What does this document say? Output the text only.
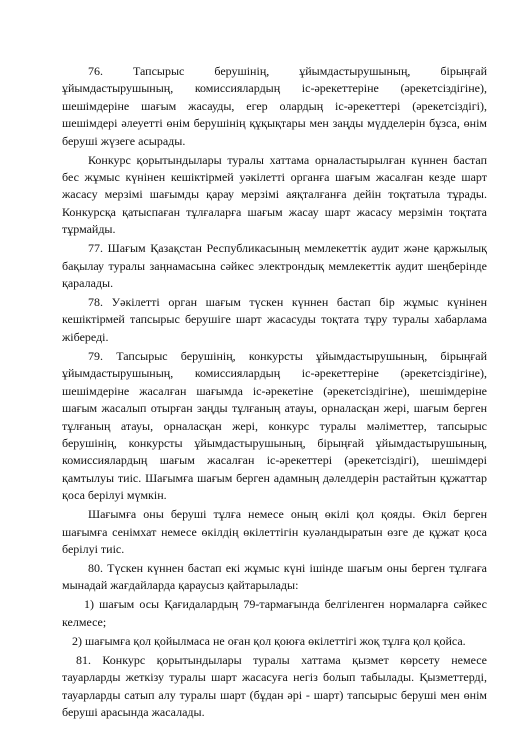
76. Тапсырыс берушінің, ұйымдастырушының, бірыңғай ұйымдастырушының, комиссиялардың іс-әрекеттеріне (әрекетсіздігіне), шешімдеріне шағым жасауды, егер олардың іс-әрекеттері (әрекетсіздігі), шешімдері әлеуетті өнім берушінің құқықтары мен заңды мүдделерін бұзса, өнім беруші жүзеге асырады.

Конкурс қорытындылары туралы хаттама орналастырылған күннен бастап бес жұмыс күнінен кешіктірмей уәкілетті органға шағым жасалған кезде шарт жасасу мерзімі шағымды қарау мерзімі аяқталғанға дейін тоқтатыла тұрады. Конкурсқа қатыспаған тұлғаларға шағым жасау шарт жасасу мерзімін тоқтата тұрмайды.

77. Шағым Қазақстан Республикасының мемлекеттік аудит және қаржылық бақылау туралы заңнамасына сәйкес электрондық мемлекеттік аудит шеңберінде қаралады.

78. Уәкілетті орган шағым түскен күннен бастап бір жұмыс күнінен кешіктірмей тапсырыс берушіге шарт жасасуды тоқтата тұру туралы хабарлама жібереді.

79. Тапсырыс берушінің, конкурсты ұйымдастырушының, бірыңғай ұйымдастырушының, комиссиялардың іс-әрекеттеріне (әрекетсіздігіне), шешімдеріне жасалған шағымда іс-әрекетіне (әрекетсіздігіне), шешімдеріне шағым жасалып отырған заңды тұлғаның атауы, орналасқан жері, шағым берген тұлғаның атауы, орналасқан жері, конкурс туралы мәліметтер, тапсырыс берушінің, конкурсты ұйымдастырушының, бірыңғай ұйымдастырушының, комиссиялардың шағым жасалған іс-әрекеттері (әрекетсіздігі), шешімдері қамтылуы тиіс. Шағымға шағым берген адамның дәлелдерін растайтын құжаттар қоса берілуі мүмкін.

Шағымға оны беруші тұлға немесе оның өкілі қол қояды. Өкіл берген шағымға сенімхат немесе өкілдің өкілеттігін куәландыратын өзге де құжат қоса берілуі тиіс.

80. Түскен күннен бастап екі жұмыс күні ішінде шағым оны берген тұлғаға мынадай жағдайларда қараусыз қайтарылады:

1) шағым осы Қағидалардың 79-тармағында белгіленген нормаларға сәйкес келмесе;

2) шағымға қол қойылмаса не оған қол қоюға өкілеттігі жоқ тұлға қол қойса.

81. Конкурс қорытындылары туралы хаттама қызмет көрсету немесе тауарларды жеткізу туралы шарт жасасуға негіз болып табылады. Қызметтерді, тауарларды сатып алу туралы шарт (бұдан әрі - шарт) тапсырыс беруші мен өнім беруші арасында жасалады.
